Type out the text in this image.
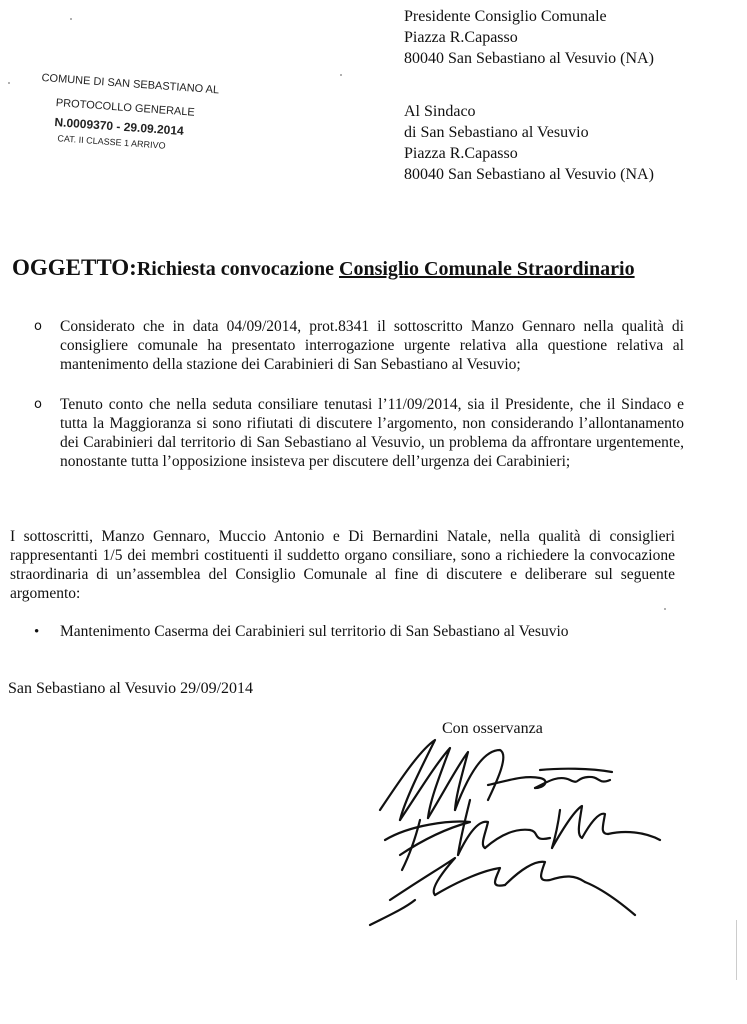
Presidente Consiglio Comunale
Piazza R.Capasso
80040 San Sebastiano al Vesuvio (NA)
COMUNE DI SAN SEBASTIANO AL
PROTOCOLLO GENERALE
N.0009370 - 29.09.2014
CAT. II CLASSE 1 ARRIVO
Al Sindaco
di San Sebastiano al Vesuvio
Piazza R.Capasso
80040 San Sebastiano al Vesuvio (NA)
OGGETTO:Richiesta convocazione Consiglio Comunale Straordinario
o Considerato che in data 04/09/2014, prot.8341 il sottoscritto Manzo Gennaro nella qualità di consigliere comunale ha presentato interrogazione urgente relativa alla questione relativa al mantenimento della stazione dei Carabinieri di San Sebastiano al Vesuvio;
o Tenuto conto che nella seduta consiliare tenutasi l’11/09/2014, sia il Presidente, che il Sindaco e tutta la Maggioranza si sono rifiutati di discutere l’argomento, non considerando l’allontanamento dei Carabinieri dal territorio di San Sebastiano al Vesuvio, un problema da affrontare urgentemente, nonostante tutta l’opposizione insisteva per discutere dell’urgenza dei Carabinieri;
I sottoscritti, Manzo Gennaro, Muccio Antonio e Di Bernardini Natale, nella qualità di consiglieri rappresentanti 1/5 dei membri costituenti il suddetto organo consiliare, sono a richiedere la convocazione straordinaria di un’assemblea del Consiglio Comunale al fine di discutere e deliberare sul seguente argomento:
• Mantenimento Caserma dei Carabinieri sul territorio di San Sebastiano al Vesuvio
San Sebastiano al Vesuvio 29/09/2014
Con osservanza
